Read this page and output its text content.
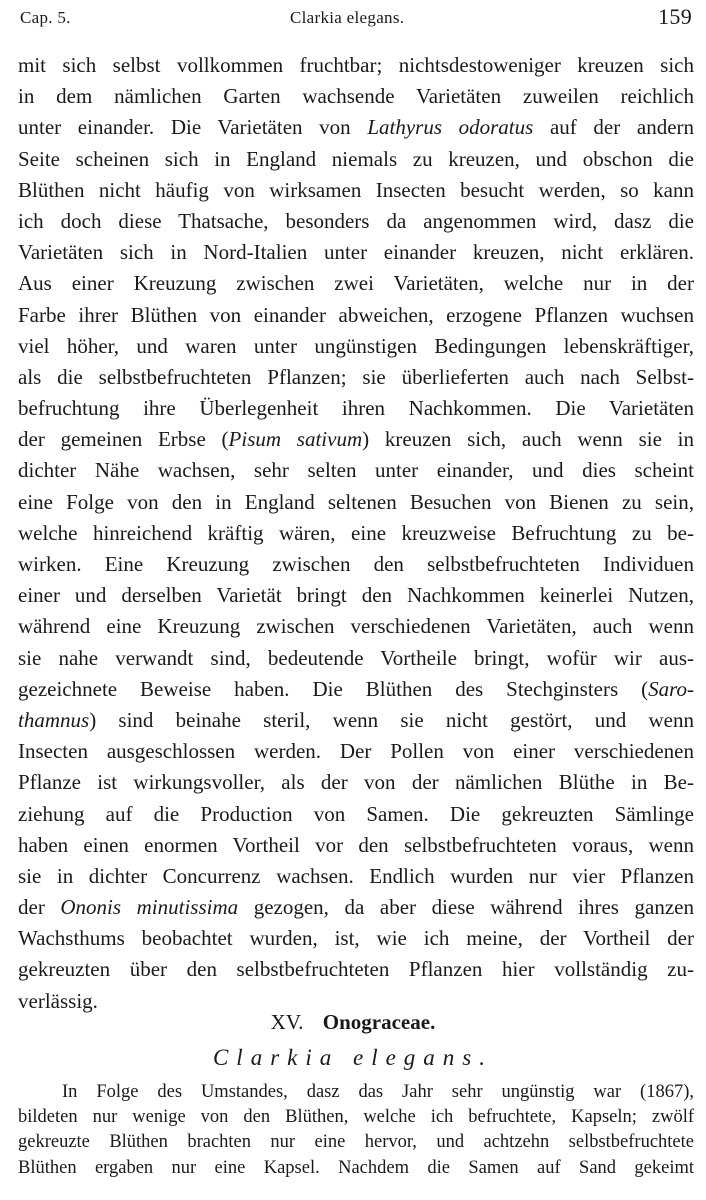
Cap. 5.	Clarkia elegans.	159
mit sich selbst vollkommen fruchtbar; nichtsdestoweniger kreuzen sich
in dem nämlichen Garten wachsende Varietäten zuweilen reichlich
unter einander. Die Varietäten von Lathyrus odoratus auf der andern
Seite scheinen sich in England niemals zu kreuzen, und obschon die
Blüthen nicht häufig von wirksamen Insecten besucht werden, so kann
ich doch diese Thatsache, besonders da angenommen wird, dasz die
Varietäten sich in Nord-Italien unter einander kreuzen, nicht erklären.
Aus einer Kreuzung zwischen zwei Varietäten, welche nur in der
Farbe ihrer Blüthen von einander abweichen, erzogene Pflanzen wuchsen
viel höher, und waren unter ungünstigen Bedingungen lebenskräftiger,
als die selbstbefruchteten Pflanzen; sie überlieferten auch nach Selbst-
befruchtung ihre Überlegenheit ihren Nachkommen. Die Varietäten
der gemeinen Erbse (Pisum sativum) kreuzen sich, auch wenn sie in
dichter Nähe wachsen, sehr selten unter einander, und dies scheint
eine Folge von den in England seltenen Besuchen von Bienen zu sein,
welche hinreichend kräftig wären, eine kreuzweise Befruchtung zu be-
wirken. Eine Kreuzung zwischen den selbstbefruchteten Individuen
einer und derselben Varietät bringt den Nachkommen keinerlei Nutzen,
während eine Kreuzung zwischen verschiedenen Varietäten, auch wenn
sie nahe verwandt sind, bedeutende Vortheile bringt, wofür wir aus-
gezeichnete Beweise haben. Die Blüthen des Stechginsters (Saro-
thamnus) sind beinahe steril, wenn sie nicht gestört, und wenn
Insecten ausgeschlossen werden. Der Pollen von einer verschiedenen
Pflanze ist wirkungsvoller, als der von der nämlichen Blüthe in Be-
ziehung auf die Production von Samen. Die gekreuzten Sämlinge
haben einen enormen Vortheil vor den selbstbefruchteten voraus, wenn
sie in dichter Concurrenz wachsen. Endlich wurden nur vier Pflanzen
der Ononis minutissima gezogen, da aber diese während ihres ganzen
Wachsthums beobachtet wurden, ist, wie ich meine, der Vortheil der
gekreuzten über den selbstbefruchteten Pflanzen hier vollständig zu-
verlässig.
XV. Onograceae.
Clarkia elegans.
In Folge des Umstandes, dasz das Jahr sehr ungünstig war (1867),
bildeten nur wenige von den Blüthen, welche ich befruchtete, Kapseln; zwölf
gekreuzte Blüthen brachten nur eine hervor, und achtzehn selbstbefruchtete
Blüthen ergaben nur eine Kapsel. Nachdem die Samen auf Sand gekeimt
